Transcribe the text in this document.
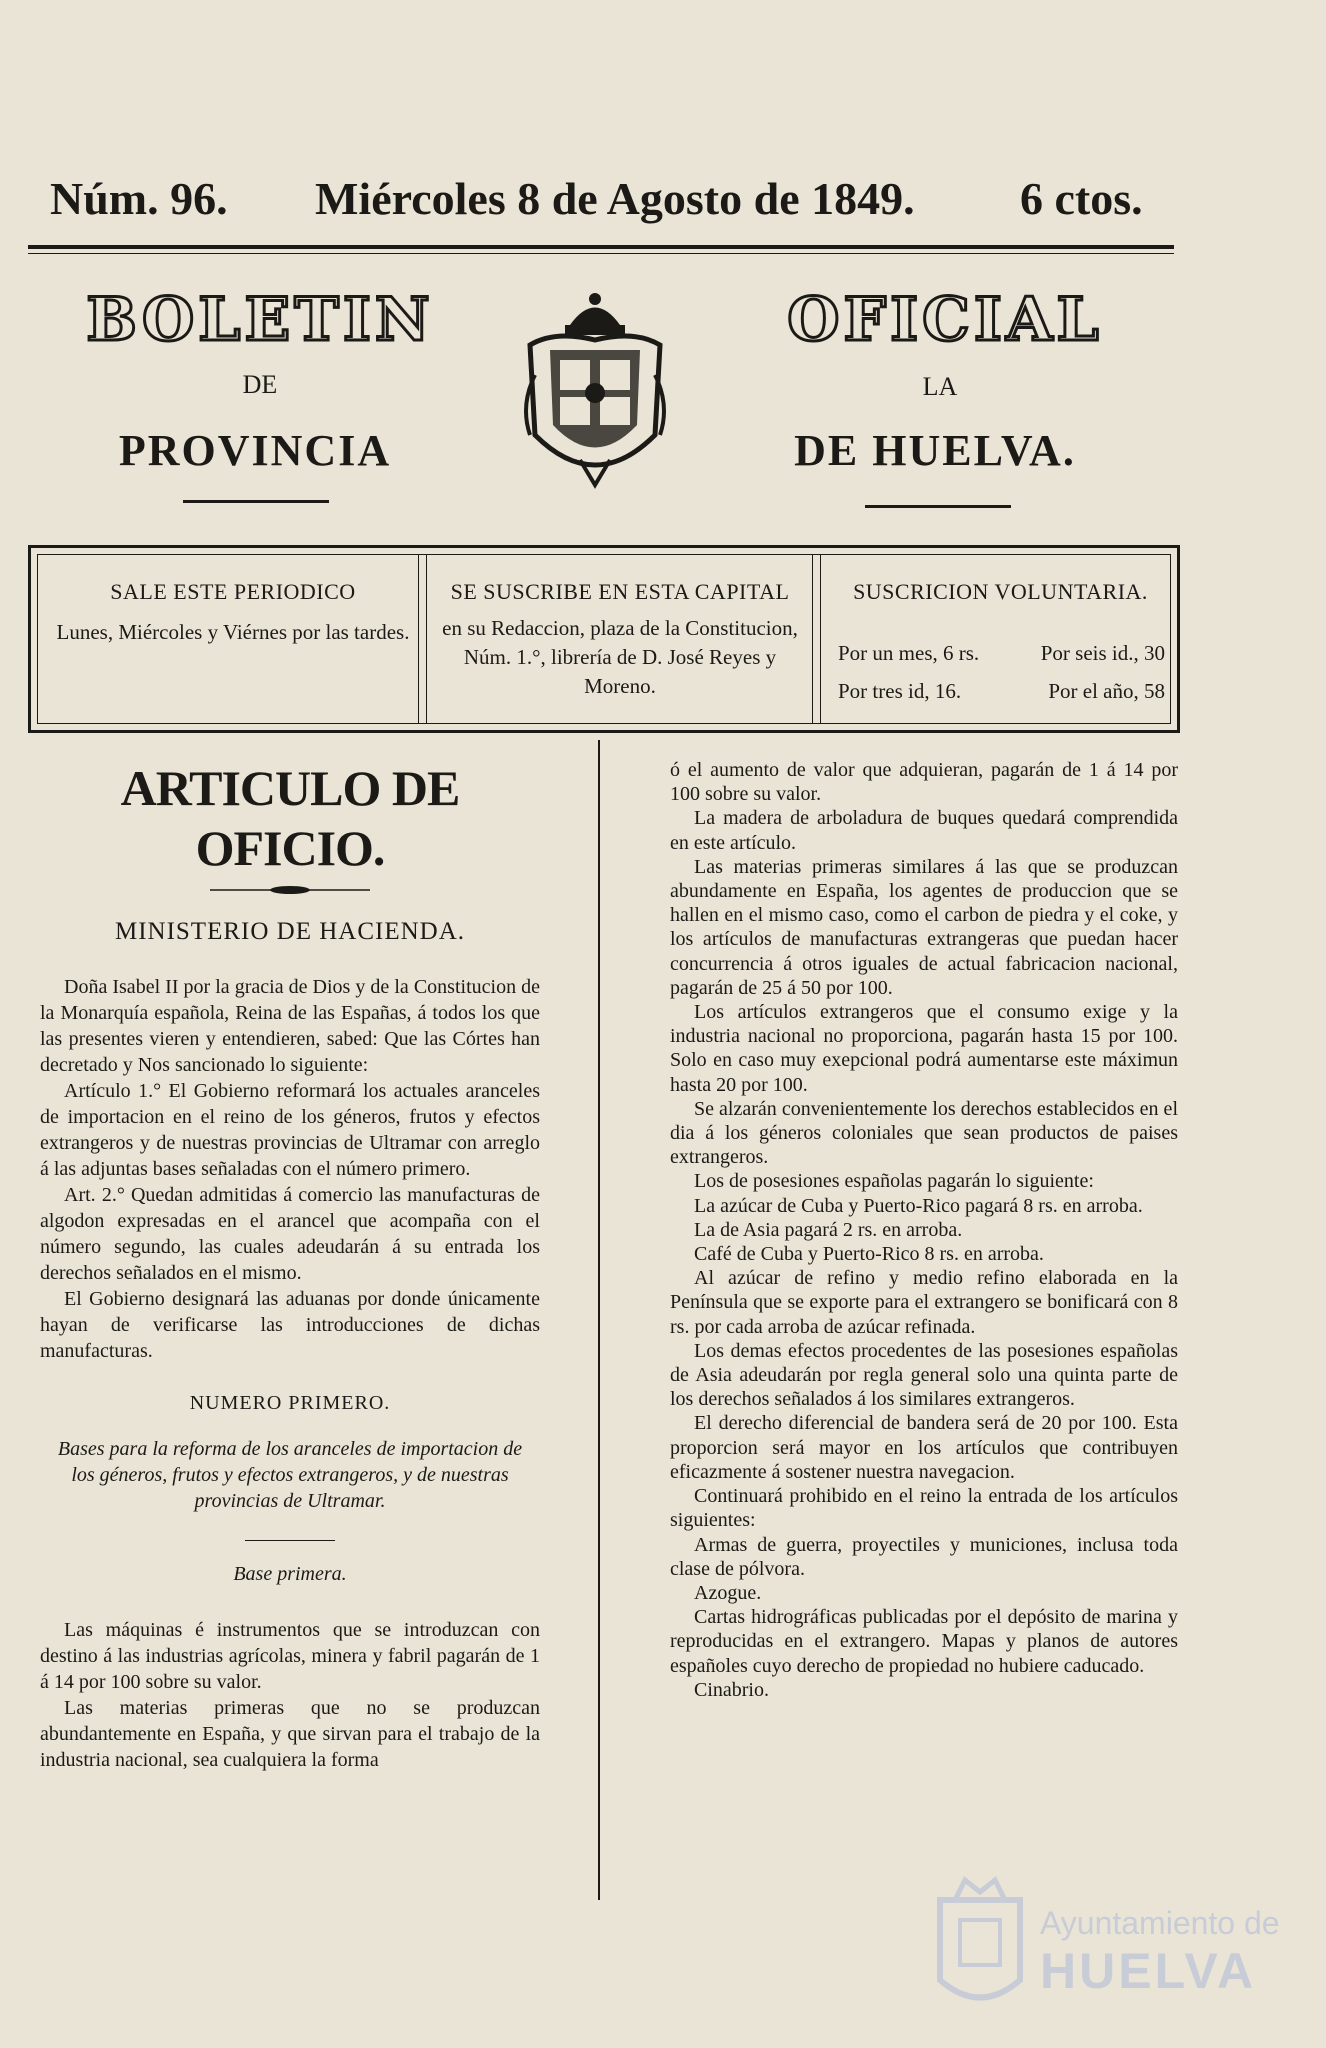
Núm. 96. Miércoles 8 de Agosto de 1849. 6 ctos.
BOLETIN	OFICIAL
DE	LA
PROVINCIA	DE HUELVA.
SALE ESTE PERIODICO
Lunes, Miércoles y Viérnes por las tardes.
SE SUSCRIBE EN ESTA CAPITAL
en su Redaccion, plaza de la Constitucion, Núm. 1.°, librería de D. José Reyes y Moreno.
SUSCRICION VOLUNTARIA.
Por un mes, 6 rs.	Por seis id., 30
Por tres id, 16.	Por el año, 58
ARTICULO DE OFICIO.
MINISTERIO DE HACIENDA.

Doña Isabel II por la gracia de Dios y de la Constitucion de la Monarquía española, Reina de las Españas, á todos los que las presentes vieren y entendieren, sabed: Que las Córtes han decretado y Nos sancionado lo siguiente:

Artículo 1.° El Gobierno reformará los actuales aranceles de importacion en el reino de los géneros, frutos y efectos extrangeros y de nuestras provincias de Ultramar con arreglo á las adjuntas bases señaladas con el número primero.

Art. 2.° Quedan admitidas á comercio las manufacturas de algodon expresadas en el arancel que acompaña con el número segundo, las cuales adeudarán á su entrada los derechos señalados en el mismo.

El Gobierno designará las aduanas por donde únicamente hayan de verificarse las introducciones de dichas manufacturas.

NUMERO PRIMERO.
Bases para la reforma de los aranceles de importacion de los géneros, frutos y efectos extrangeros, y de nuestras provincias de Ultramar.
Base primera.

Las máquinas é instrumentos que se introduzcan con destino á las industrias agrícolas, minera y fabril pagarán de 1 á 14 por 100 sobre su valor.

Las materias primeras que no se produzcan abundantemente en España, y que sirvan para el trabajo de la industria nacional, sea cualquiera la forma

ó el aumento de valor que adquieran, pagarán de 1 á 14 por 100 sobre su valor.

La madera de arboladura de buques quedará comprendida en este artículo.

Las materias primeras similares á las que se produzcan abundamente en España, los agentes de produccion que se hallen en el mismo caso, como el carbon de piedra y el coke, y los artículos de manufacturas extrangeras que puedan hacer concurrencia á otros iguales de actual fabricacion nacional, pagarán de 25 á 50 por 100.

Los artículos extrangeros que el consumo exige y la industria nacional no proporciona, pagarán hasta 15 por 100. Solo en caso muy exepcional podrá aumentarse este máximun hasta 20 por 100.

Se alzarán convenientemente los derechos establecidos en el dia á los géneros coloniales que sean productos de paises extrangeros.

Los de posesiones españolas pagarán lo siguiente:

La azúcar de Cuba y Puerto-Rico pagará 8 rs. en arroba.

La de Asia pagará 2 rs. en arroba.

Café de Cuba y Puerto-Rico 8 rs. en arroba.

Al azúcar de refino y medio refino elaborada en la Península que se exporte para el extrangero se bonificará con 8 rs. por cada arroba de azúcar refinada.

Los demas efectos procedentes de las posesiones españolas de Asia adeudarán por regla general solo una quinta parte de los derechos señalados á los similares extrangeros.

El derecho diferencial de bandera será de 20 por 100. Esta proporcion será mayor en los artículos que contribuyen eficazmente á sostener nuestra navegacion.

Continuará prohibido en el reino la entrada de los artículos siguientes:

Armas de guerra, proyectiles y municiones, inclusa toda clase de pólvora.

Azogue.

Cartas hidrográficas publicadas por el depósito de marina y reproducidas en el extrangero. Mapas y planos de autores españoles cuyo derecho de propiedad no hubiere caducado.

Cinabrio.

Ayuntamiento de
HUELVA
